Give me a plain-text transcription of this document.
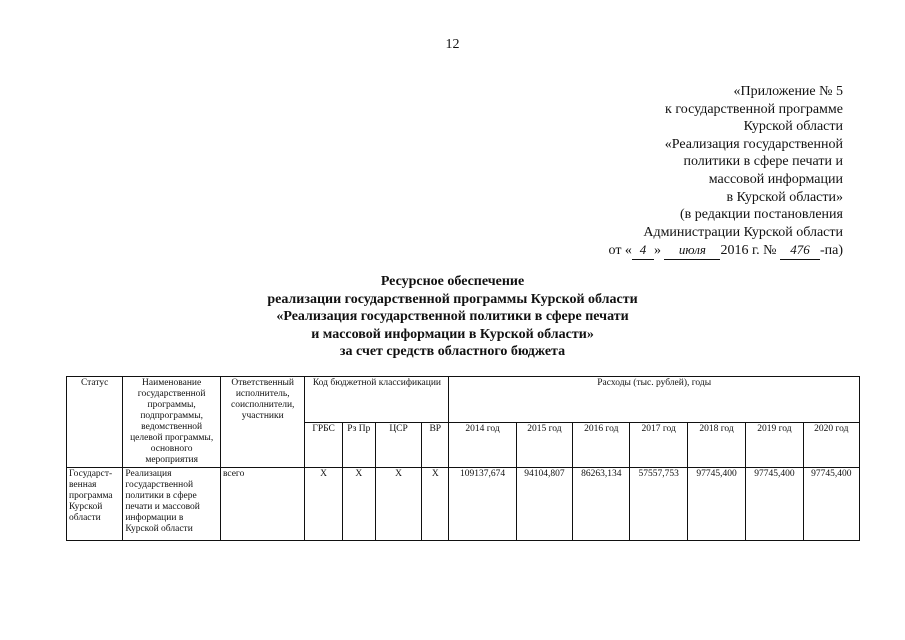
12
«Приложение № 5
к государственной программе
Курской области
«Реализация государственной
политики в сфере печати и
массовой информации
в Курской области»
(в редакции постановления
Администрации Курской области
от « 4 » июля 2016 г. № 476 -па)
Ресурсное обеспечение
реализации государственной программы Курской области
«Реализация государственной политики в сфере печати
и массовой информации в Курской области»
за счет средств областного бюджета
Статус	Наименование государственной программы, подпрограммы, ведомственной целевой программы, основного мероприятия	Ответственный исполнитель, соисполнители, участники	Код бюджетной классификации				Расходы (тыс. рублей), годы						
			ГРБС	Рз Пр	ЦСР	ВР	2014 год	2015 год	2016 год	2017 год	2018 год	2019 год	2020 год
Государст-венная программа Курской области	Реализация государственной политики в сфере печати и массовой информации в Курской области	всего	Х	Х	Х	Х	109137,674	94104,807	86263,134	57557,753	97745,400	97745,400	97745,400
